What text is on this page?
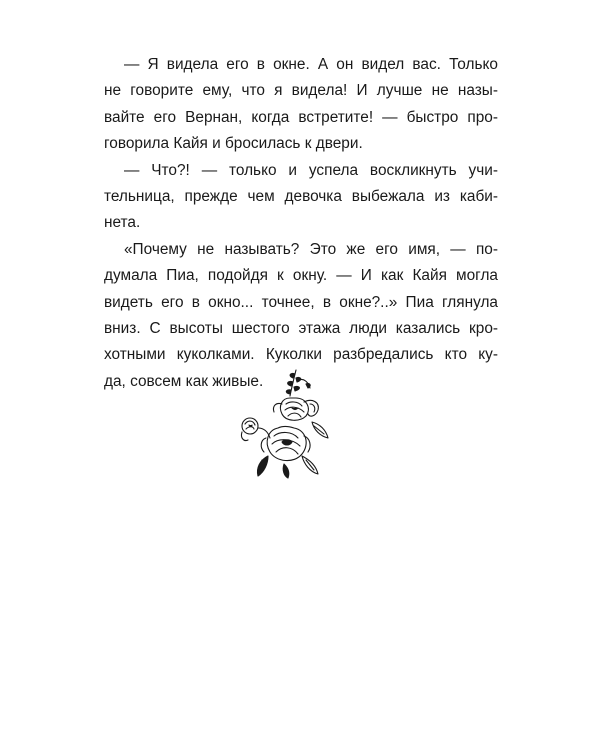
— Я видела его в окне. А он видел вас. Только
не говорите ему, что я видела! И лучше не назы-
вайте его Вернан, когда встретите! — быстро про-
говорила Кайя и бросилась к двери.
— Что?! — только и успела воскликнуть учи-
тельница, прежде чем девочка выбежала из каби-
нета.
«Почему не называть? Это же его имя, — по-
думала Пиа, подойдя к окну. — И как Кайя могла
видеть его в окно... точнее, в окне?..» Пиа глянула
вниз. С высоты шестого этажа люди казались кро-
хотными куколками. Куколки разбредались кто ку-
да, совсем как живые.
